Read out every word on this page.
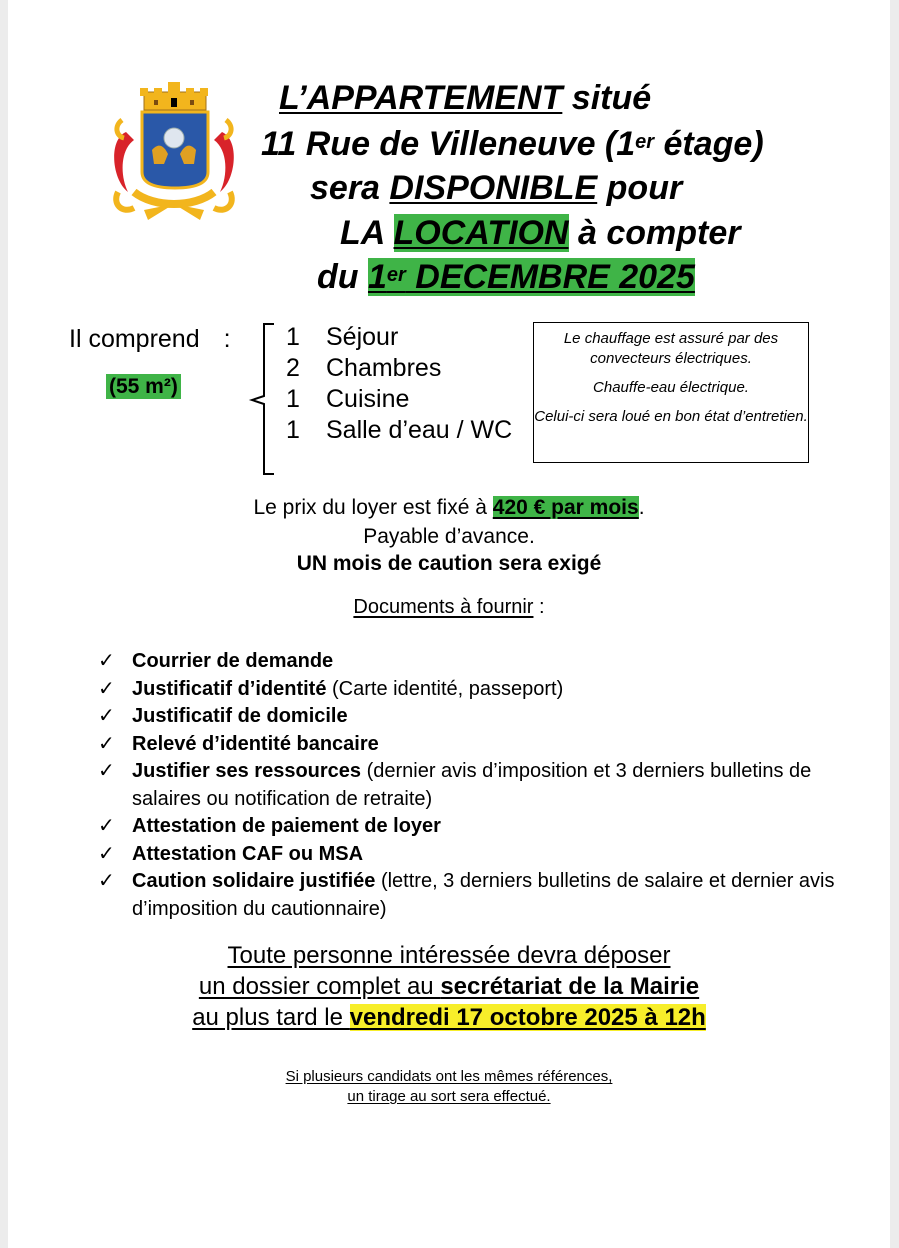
L’APPARTEMENT situé
11 Rue de Villeneuve (1er étage)
sera DISPONIBLE pour
LA LOCATION à compter
du 1er DECEMBRE 2025
Il comprend :
(55 m²)
1 Séjour
2 Chambres
1 Cuisine
1 Salle d’eau / WC

Le chauffage est assuré par des convecteurs électriques.

Chauffe-eau électrique.

Celui-ci sera loué en bon état d’entretien.

Le prix du loyer est fixé à 420 € par mois.
Payable d’avance.
UN mois de caution sera exigé
Documents à fournir :
✓ Courrier de demande
✓ Justificatif d’identité (Carte identité, passeport)
✓ Justificatif de domicile
✓ Relevé d’identité bancaire
✓ Justifier ses ressources (dernier avis d’imposition et 3 derniers bulletins de salaires ou notification de retraite)
✓ Attestation de paiement de loyer
✓ Attestation CAF ou MSA
✓ Caution solidaire justifiée (lettre, 3 derniers bulletins de salaire et dernier avis d’imposition du cautionnaire)
Toute personne intéressée devra déposer
un dossier complet au secrétariat de la Mairie
au plus tard le vendredi 17 octobre 2025 à 12h
Si plusieurs candidats ont les mêmes références,
un tirage au sort sera effectué.
